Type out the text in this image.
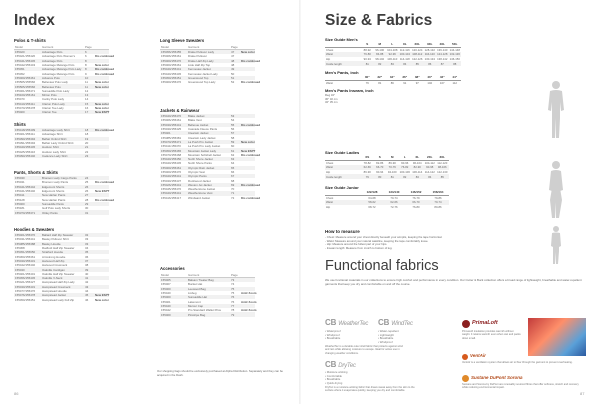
Index
Polos & T-shirts
Model	Garment	Page
155420	Advantage Polo	6
155421/155420	Advantage Polo Women's	6	Dis continued
155441/155445	Advantage Polo	8
155442/155443	Advantage Melange Polo	8	New color
155451	Advantage Melange Polo Lady	8	Dis continued
155452	Advantage Melange Polo	9	Dis continued
155460/155461	Advance Polo	10
155565/155566	Belleview Polo Lady	11	New color
155565/155566	Belleview Polo	11	New color
155461/155471	Sunsaddle Polo Lady	12
155160/155161	Mirton Polo	13
155470	Canby Polo Lady	14
155410/155411	Clarion Polo Lady	15	New color
155470/155478	Clarion Tee Lady	16	New color
155400	Clarion Tee	17	New ESPT
Shirts
155418/155409	Advantage Lady Shirt	18	Dis continued
155401/155411	Advantage Shirt	18
155390/155394	Belfair Oxford Shirt	19
155391/155394	Belfair Lady Oxford Shirt	20
155440/155445	Hudson Shirt	21
155425/155416	Hudson Lady Shirt	22
155390/155440	Cadence Lady Shirt	23
Pants, Shorts & Skirts
155430	Bronson Lady Cargo Pants	24
155431	Bronson Lady Pants	25	Dis continued
155441/155442	Edgemont Shorts	26
155441/155440	Edgemont Shorts	26	New ESPT
155411	New Harlan Pants	27
155128	New Harlan Pants	28	Dis continued
155460	Sunsaddle Pants	29
155181	Golf Polo Lady Shorts	30
155370/155371	Ottley Pants	31
Hoodies & Sweaters
155401/155370	Ballard Half Zip Sweater	32
155431/155441	Basley Pullover Shirt	33
155385/155388	Basley Hoodie	33
155368	Radford Half Zip Sweater	34
155451/155650	Stratford Hoodie	35
155360/155361	Armstrong Hoodie	36
155430/155431	Harwood Half Zip	37
155442/155440	Harwood Crewneck	38
155430	Oakville Cardigan	39
155401/155401	Oakville Half Zip Sweater	40
155456/155445	Oakville V-Neck	41
155421/155427	Hampstead Half Zip Lady	42
155430/155431	Hampstead Crewneck	43
155477/155476	Hampstead Hoodie	44
155476/155478	Hampstead Jacket	45	New ESPT
155450/155451	Hampstead Lady Full Zip	46	New color
Long Sleeve Sweaters
Model	Garment	Page
155456/155455	Drake Pullover Lady	47	New color
155466/155461	Drake Pullover	47
155460/155470	Drake Half Zip Lady	48	Dis continued
155460/155461	Lisle Half Zip Top	48
155440/155441	Kennesaw Jacket	49
155440/155445	Kennesaw Jacket Lady	50
155450/155451	Greenwood Top	51
155460/155470	Greenwood Top Lady	52	Dis continued
Jackets & Rainwear
155440/155470	Blake Jacket	53
155466/155461	Blake Vest	54
155430/155441	Bellevue Jacket	55	Dis continued
155430/155425	Cascade Fleece Pants	56
155401	Clearwin Jacket	57
155385/155381	Clearwin Lady Jacket	58
155470/155471	La Push Pro Jacket	59	New color
155411/155470	La Push Pro Lady Jacket	60
155450/155465	Mountain Jacket Lady	61	New ESPT
155470/155468	Mountain Softshell Jacket	62	Dis continued
155440/155450	North Shore Jacket	63
155440/155445	North Shore Pants	64
155460/155461	Olympic Rain Jacket	65
155460/155470	Olympic Vest	66
155440/155441	Olympic Pants	67
155430/155437	Rockwood Jacket	68
155426/155441	Weston Jet Jacket	69	Dis continued
155445/155470	Weatherstone Jacket	70
155440/155441	Weatherstone Vest	71
155416/155417	Windward Jacket	72	Dis continued
Accessories
Model	Garment	Page
155465	Balsam Treater Bag	73
155467	Bucket Hat	74
155460	Leewood Bag	75
155440	Lisbeg	75	Amtr Zoom
155460	Sunsaddle Hat	76
155401	Lakemont	76	Amtr Zoom
155440	Mercer Cap	77
155442	Pro Standard Wallet Price	78	Amtr Zoom
155460	Pinstripe Bag	79
Our shopping bags should be exclusively purchased at Alpha Distribution. Separately and they can be acquired in the Dash.
86
Size & Fabrics
Size Guide Men's
S	M	L	XL	2XL	3XL	4XL	5XL
Chest	88-92	96-100	104-108 112-116 120-124 128-132 136-140 144-148
Waist	76-80	84-88	92-96	100-104 108-112 116-120 124-128 132-136
Hip	90-94	98-102	106-110 114-118 122-126 130-134 138-142 146-150
Inside length	81	82	83	84	85	86	87	88
Men's Pants, inch
30"	32"	34"	36"	38"	40"	42"	44"
Waist	76	81	86	91	97	102	107	112
Men's Pants Inseam, inch
Reg 32"
30" 32 cm
32" 35 cm
Size Guide Ladies
XS	S	M	L	XL	2XL	3XL
Chest	78-82	82-86	86-90	90-96	96-104	104-112 112-120
Waist	62-66	66-70	70-76	76-82	82-90	90-98	98-106
Hip	86-90	90-94	94-100	100-106 106-114 114-122 122-130
Inside length	79	80	81	82	83	84	85
Size Guide Junior
122/128	134/140	146/152	158/164
Chest	64-68	70-74	76-79	79-86
Waist	58-62	62-66	66-70	70-74
Hip	68-72	72-76	76-80	80-86
How to measure
- Chest: Measure around your chest directly beneath your armpits, keeping the tape horizontal.
- Waist: Measure around your natural waistline, keeping the tape comfortably loose.
- Hip: Measure around the fullest part of your hips.
- Inseam length: Measure from crotch to bottom of leg.
Functional fabrics
We use functional materials in our collections to ensure high comfort and performance in every condition. Our Cutter & Buck collection offers a broad range of lightweight, breathable and water-repellent garments that keep you dry and comfortable on and off the course.
CB WeatherTec
• Waterproof
• Windproof
• Breathable
WeatherTec is a durable outer shell fabric that protects against wind and rain while allowing moisture to escape. Ideal for active use in changing weather conditions.
CB WindTec
• Water-repellent
• Lightweight
• Breathable
• Windproof
CB DryTec
• Moisture wicking
• Comfortable
• Breathable
• Quick drying
DryTec is a moisture-wicking fabric that draws sweat away from the skin to the surface where it evaporates quickly, keeping you dry and comfortable.
PrimaLoft
PrimaLoft insulation provides warmth without weight. It retains warmth even when wet and packs down small.
VentAir
VentAir is a ventilation system that allows air to flow through the garment to prevent overheating.
Sustane DuPont Sorona
Sustane and Sorona by DuPont are renewably sourced fibres that offer softness, stretch and recovery while reducing environmental impact.
87
